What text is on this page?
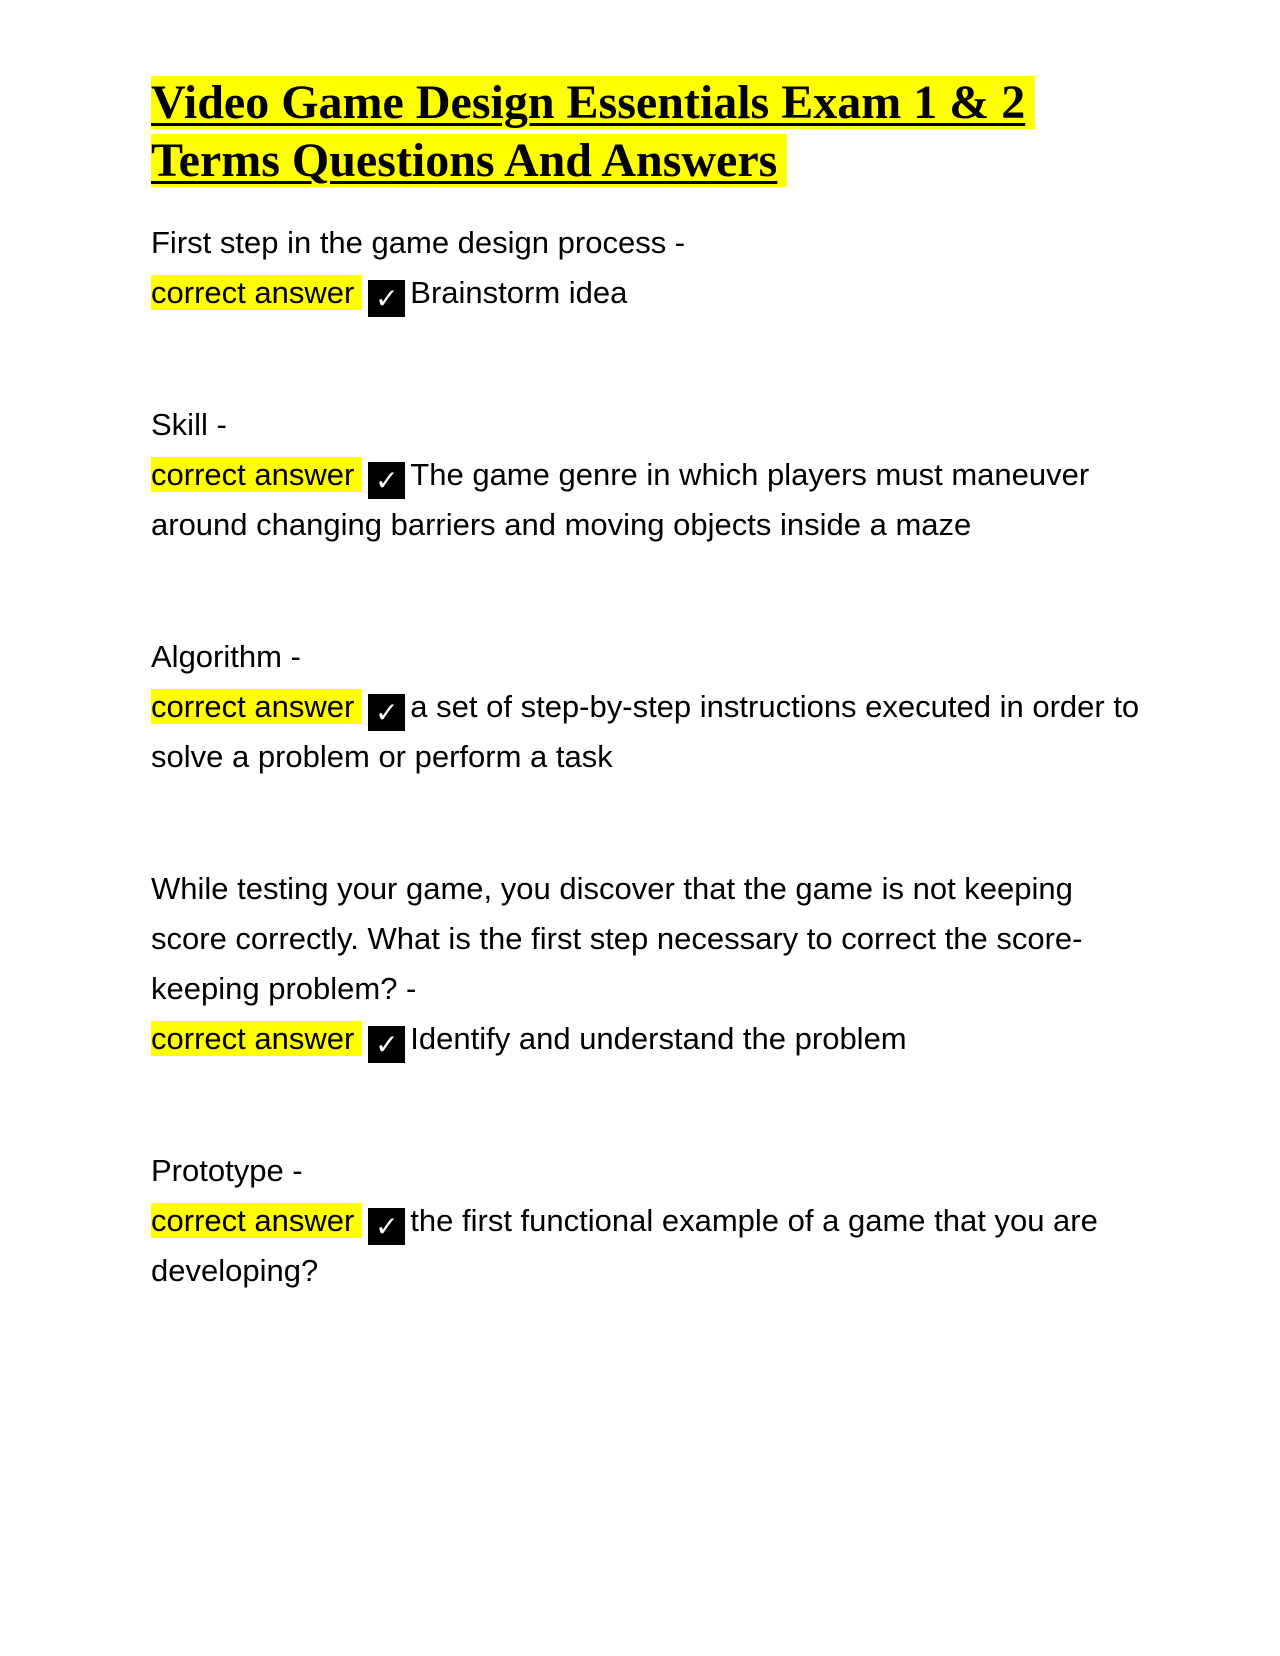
Video Game Design Essentials Exam 1 & 2
Terms Questions And Answers

First step in the game design process -

correct answer ✓ Brainstorm idea

Skill -

correct answer ✓ The game genre in which players must maneuver around changing barriers and moving objects inside a maze

Algorithm -

correct answer ✓ a set of step-by-step instructions executed in order to solve a problem or perform a task

While testing your game, you discover that the game is not keeping score correctly. What is the first step necessary to correct the score-keeping problem? -

correct answer ✓ Identify and understand the problem

Prototype -

correct answer ✓ the first functional example of a game that you are developing?
